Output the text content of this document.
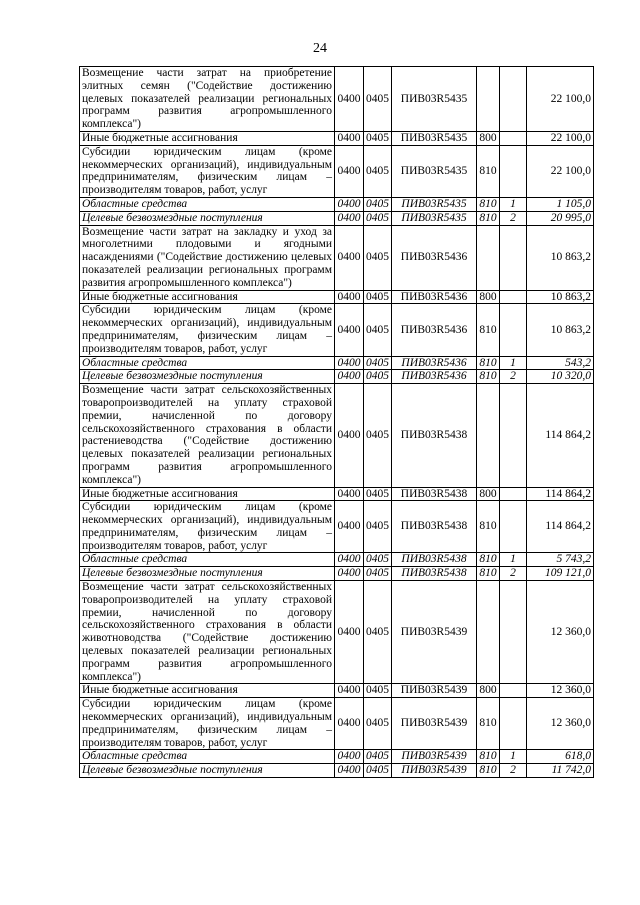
24
Возмещение части затрат на приобретение элитных семян ("Содействие достижению целевых показателей реализации региональных программ развития агропромышленного комплекса")	0400	0405	ПИВ03R5435			22 100,0
Иные бюджетные ассигнования	0400	0405	ПИВ03R5435	800		22 100,0
Субсидии юридическим лицам (кроме некоммерческих организаций), индивидуальным предпринимателям, физическим лицам – производителям товаров, работ, услуг	0400	0405	ПИВ03R5435	810		22 100,0
Областные средства	0400	0405	ПИВ03R5435	810	1	1 105,0
Целевые безвозмездные поступления	0400	0405	ПИВ03R5435	810	2	20 995,0
Возмещение части затрат на закладку и уход за многолетними плодовыми и ягодными насаждениями ("Содействие достижению целевых показателей реализации региональных программ развития агропромышленного комплекса")	0400	0405	ПИВ03R5436			10 863,2
Иные бюджетные ассигнования	0400	0405	ПИВ03R5436	800		10 863,2
Субсидии юридическим лицам (кроме некоммерческих организаций), индивидуальным предпринимателям, физическим лицам – производителям товаров, работ, услуг	0400	0405	ПИВ03R5436	810		10 863,2
Областные средства	0400	0405	ПИВ03R5436	810	1	543,2
Целевые безвозмездные поступления	0400	0405	ПИВ03R5436	810	2	10 320,0
Возмещение части затрат сельскохозяйственных товаропроизводителей на уплату страховой премии, начисленной по договору сельскохозяйственного страхования в области растениеводства ("Содействие достижению целевых показателей реализации региональных программ развития агропромышленного комплекса")	0400	0405	ПИВ03R5438			114 864,2
Иные бюджетные ассигнования	0400	0405	ПИВ03R5438	800		114 864,2
Субсидии юридическим лицам (кроме некоммерческих организаций), индивидуальным предпринимателям, физическим лицам – производителям товаров, работ, услуг	0400	0405	ПИВ03R5438	810		114 864,2
Областные средства	0400	0405	ПИВ03R5438	810	1	5 743,2
Целевые безвозмездные поступления	0400	0405	ПИВ03R5438	810	2	109 121,0
Возмещение части затрат сельскохозяйственных товаропроизводителей на уплату страховой премии, начисленной по договору сельскохозяйственного страхования в области животноводства ("Содействие достижению целевых показателей реализации региональных программ развития агропромышленного комплекса")	0400	0405	ПИВ03R5439			12 360,0
Иные бюджетные ассигнования	0400	0405	ПИВ03R5439	800		12 360,0
Субсидии юридическим лицам (кроме некоммерческих организаций), индивидуальным предпринимателям, физическим лицам – производителям товаров, работ, услуг	0400	0405	ПИВ03R5439	810		12 360,0
Областные средства	0400	0405	ПИВ03R5439	810	1	618,0
Целевые безвозмездные поступления	0400	0405	ПИВ03R5439	810	2	11 742,0
